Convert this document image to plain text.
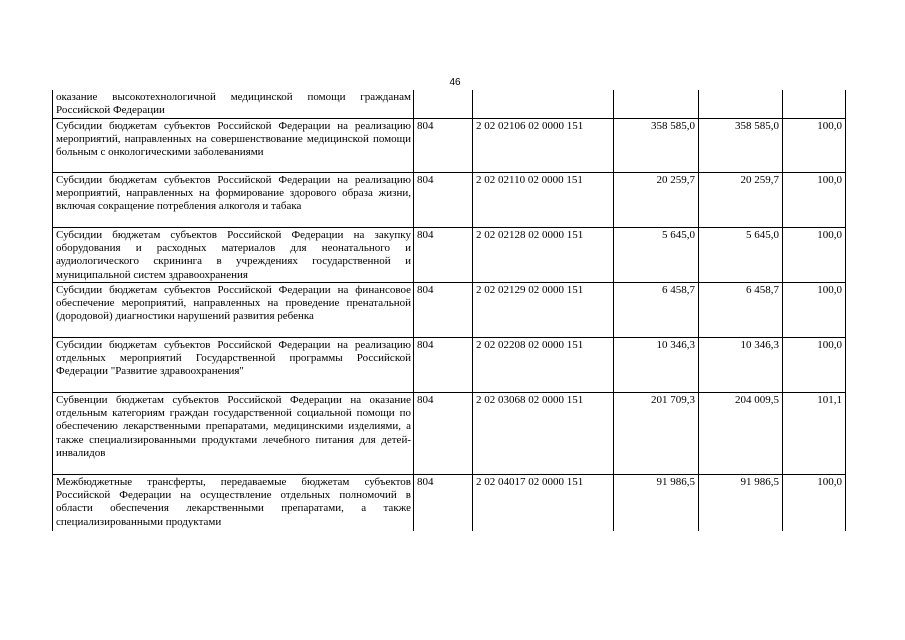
46
оказание высокотехнологичной медицинской помощи гражданам Российской Федерации					
Субсидии бюджетам субъектов Российской Федерации на реализацию мероприятий, направленных на совершенствование медицинской помощи больным с онкологическими заболеваниями	804	2 02 02106 02 0000 151	358 585,0	358 585,0	100,0
Субсидии бюджетам субъектов Российской Федерации на реализацию мероприятий, направленных на формирование здорового образа жизни, включая сокращение потребления алкоголя и табака	804	2 02 02110 02 0000 151	20 259,7	20 259,7	100,0
Субсидии бюджетам субъектов Российской Федерации на закупку оборудования и расходных материалов для неонатального и аудиологического скрининга в учреждениях государственной и муниципальной систем здравоохранения	804	2 02 02128 02 0000 151	5 645,0	5 645,0	100,0
Субсидии бюджетам субъектов Российской Федерации на финансовое обеспечение мероприятий, направленных на проведение пренатальной (дородовой) диагностики нарушений развития ребенка	804	2 02 02129 02 0000 151	6 458,7	6 458,7	100,0
Субсидии бюджетам субъектов Российской Федерации на реализацию отдельных мероприятий Государственной программы Российской Федерации "Развитие здравоохранения"	804	2 02 02208 02 0000 151	10 346,3	10 346,3	100,0
Субвенции бюджетам субъектов Российской Федерации на оказание отдельным категориям граждан государственной социальной помощи по обеспечению лекарственными препаратами, медицинскими изделиями, а также специализированными продуктами лечебного питания для детей-инвалидов	804	2 02 03068 02 0000 151	201 709,3	204 009,5	101,1
Межбюджетные трансферты, передаваемые бюджетам субъектов Российской Федерации на осуществление отдельных полномочий в области обеспечения лекарственными препаратами, а также специализированными продуктами	804	2 02 04017 02 0000 151	91 986,5	91 986,5	100,0
